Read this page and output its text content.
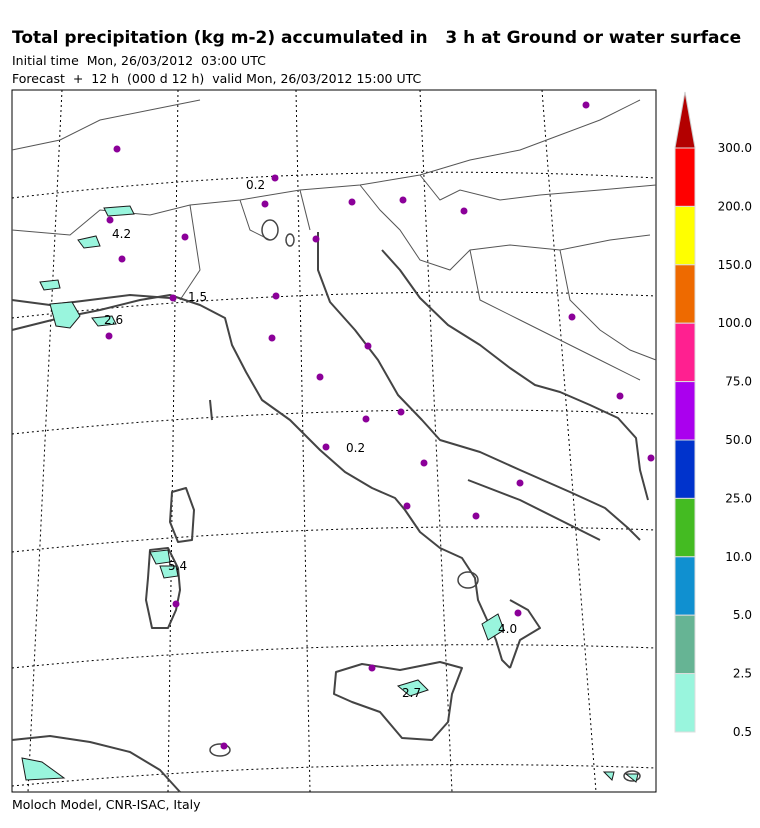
Total precipitation (kg m-2) accumulated in   3 h at Ground or water surface
Initial time  Mon, 26/03/2012  03:00 UTC
Forecast  +  12 h  (000 d 12 h)  valid Mon, 26/03/2012 15:00 UTC
0.2
4.2
1.5
2.6
0.2
5.4
4.0
2.7
300.0
200.0
150.0
100.0
75.0
50.0
25.0
10.0
5.0
2.5
0.5
Moloch Model, CNR-ISAC, Italy
